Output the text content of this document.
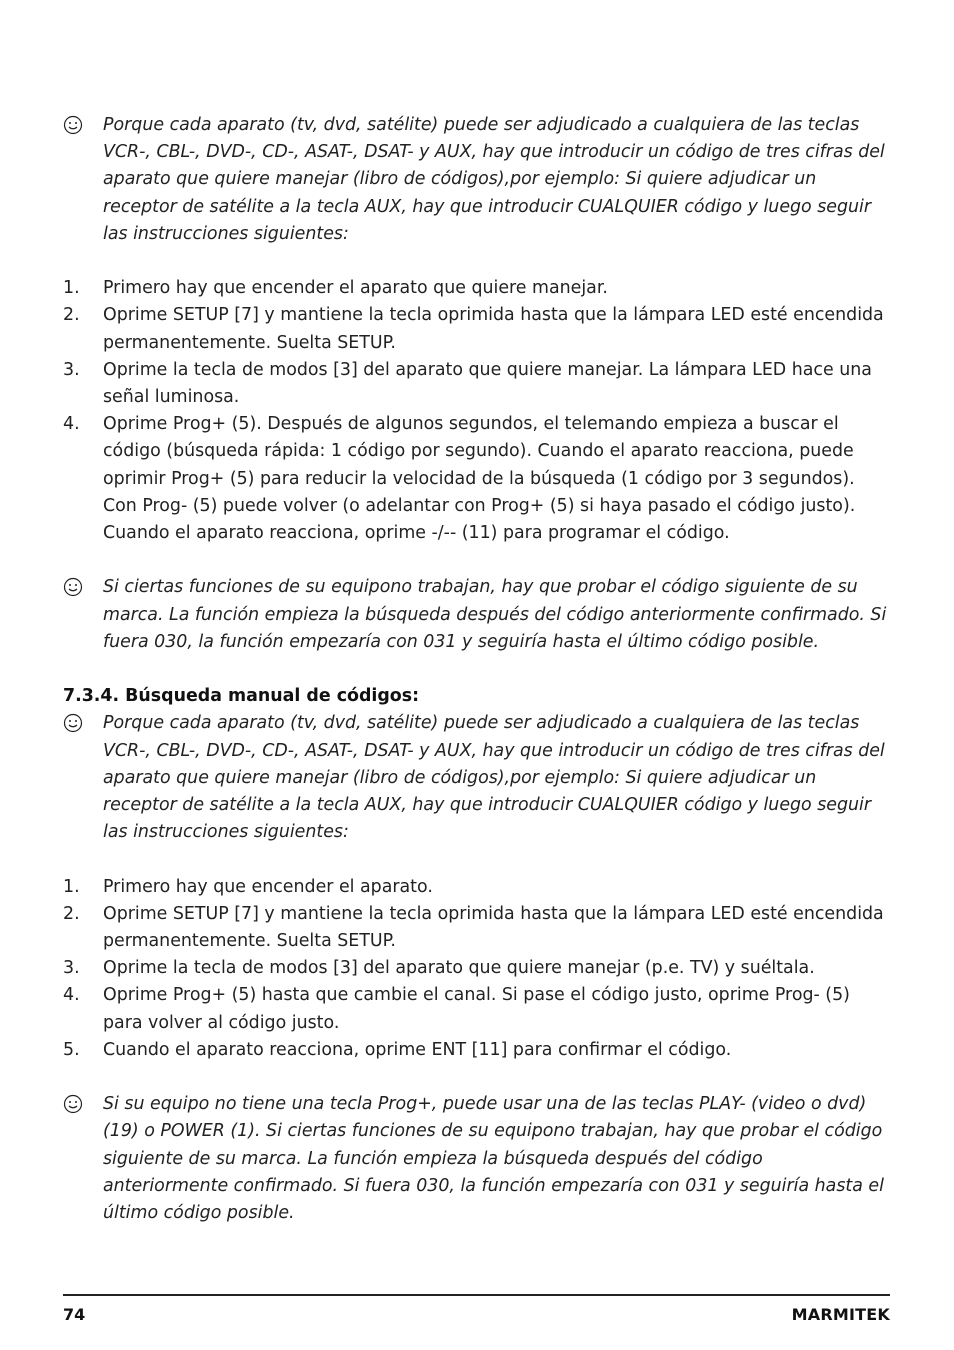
Porque cada aparato (tv, dvd, satélite) puede ser adjudicado a cualquiera de las teclas VCR-, CBL-, DVD-, CD-, ASAT-, DSAT- y AUX, hay que introducir un código de tres cifras del aparato que quiere manejar (libro de códigos),por ejemplo: Si quiere adjudicar un receptor de satélite a la tecla AUX, hay que introducir CUALQUIER código y luego seguir las instrucciones siguientes:
1.	Primero hay que encender el aparato que quiere manejar.
2.	Oprime SETUP [7] y mantiene la tecla oprimida hasta que la lámpara LED esté encendida permanentemente. Suelta SETUP.
3.	Oprime la tecla de modos [3] del aparato que quiere manejar. La lámpara LED hace una señal luminosa.
4.	Oprime Prog+ (5). Después de algunos segundos, el telemando empieza a buscar el código (búsqueda rápida: 1 código por segundo). Cuando el aparato reacciona, puede oprimir Prog+ (5) para reducir la velocidad de la búsqueda (1 código por 3 segundos). Con Prog- (5) puede volver (o adelantar con Prog+ (5) si haya pasado el código justo). Cuando el aparato reacciona, oprime -/-- (11) para programar el código.
Si ciertas funciones de su equipono trabajan, hay que probar el código siguiente de su marca. La función empieza la búsqueda después del código anteriormente confirmado. Si fuera 030, la función empezaría con 031 y seguiría hasta el último código posible.
7.3.4. Búsqueda manual de códigos:
Porque cada aparato (tv, dvd, satélite) puede ser adjudicado a cualquiera de las teclas VCR-, CBL-, DVD-, CD-, ASAT-, DSAT- y AUX, hay que introducir un código de tres cifras del aparato que quiere manejar (libro de códigos),por ejemplo: Si quiere adjudicar un receptor de satélite a la tecla AUX, hay que introducir CUALQUIER código y luego seguir las instrucciones siguientes:
1.	Primero hay que encender el aparato.
2.	Oprime SETUP [7] y mantiene la tecla oprimida hasta que la lámpara LED esté encendida permanentemente. Suelta SETUP.
3.	Oprime la tecla de modos [3] del aparato que quiere manejar (p.e. TV) y suéltala.
4.	Oprime Prog+ (5) hasta que cambie el canal. Si pase el código justo, oprime Prog- (5) para volver al código justo.
5.	Cuando el aparato reacciona, oprime ENT [11] para confirmar el código.
Si su equipo no tiene una tecla Prog+, puede usar una de las teclas PLAY- (video o dvd) (19) o POWER (1). Si ciertas funciones de su equipono trabajan, hay que probar el código siguiente de su marca. La función empieza la búsqueda después del código anteriormente confirmado. Si fuera 030, la función empezaría con 031 y seguiría hasta el último código posible.
74	MARMITEK
